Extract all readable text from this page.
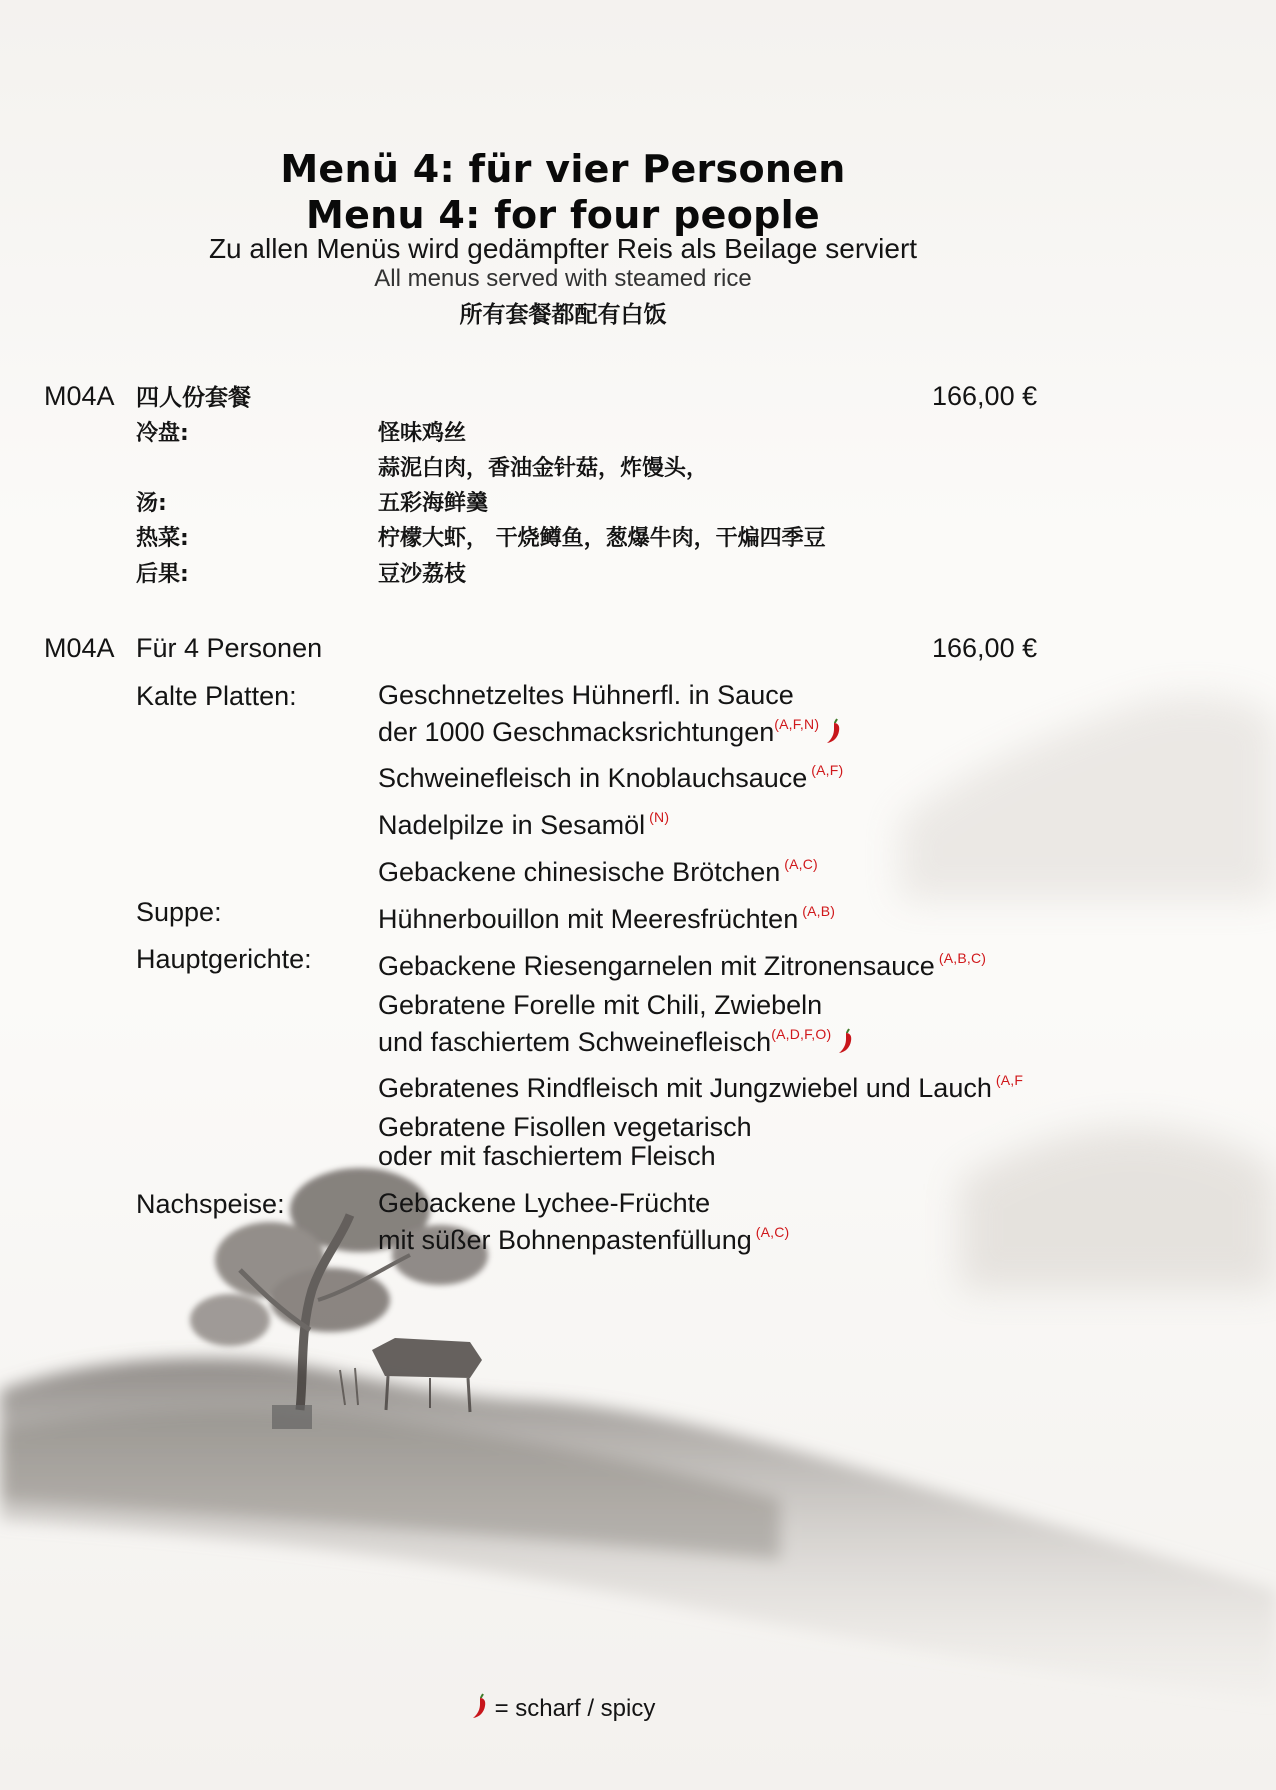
Menü 4: für vier Personen
Menu 4: for four people
Zu allen Menüs wird gedämpfter Reis als Beilage serviert
All menus served with steamed rice
所有套餐都配有白饭
M04A 四人份套餐	166,00 €
冷盘:	怪味鸡丝
蒜泥白肉，香油金针菇，炸馒头，
汤:	五彩海鲜羹
热菜:	柠檬大虾， 干烧鳟鱼，葱爆牛肉，干煸四季豆
后果:	豆沙荔枝
M04A Für 4 Personen	166,00 €
Kalte Platten:	Geschnetzeltes Hühnerfl. in Sauce
der 1000 Geschmacksrichtungen$^{(A,F,N)}$
Schweinefleisch in Knoblauchsauce $^{(A,F)}$
Nadelpilze in Sesamöl $^{(N)}$
Gebackene chinesische Brötchen $^{(A,C)}$
Suppe:	Hühnerbouillon mit Meeresfrüchten $^{(A,B)}$
Hauptgerichte: Gebackene Riesengarnelen mit Zitronensauce $^{(A,B,C)}$
Gebratene Forelle mit Chili, Zwiebeln
und faschiertem Schweinefleisch$^{(A,D,F,O)}$
Gebratenes Rindfleisch mit Jungzwiebel und Lauch $^{(A,F}$
Gebratene Fisollen vegetarisch
oder mit faschiertem Fleisch
Nachspeise:	Gebackene Lychee-Früchte
mit süßer Bohnenpastenfüllung $^{(A,C)}$
= scharf / spicy
